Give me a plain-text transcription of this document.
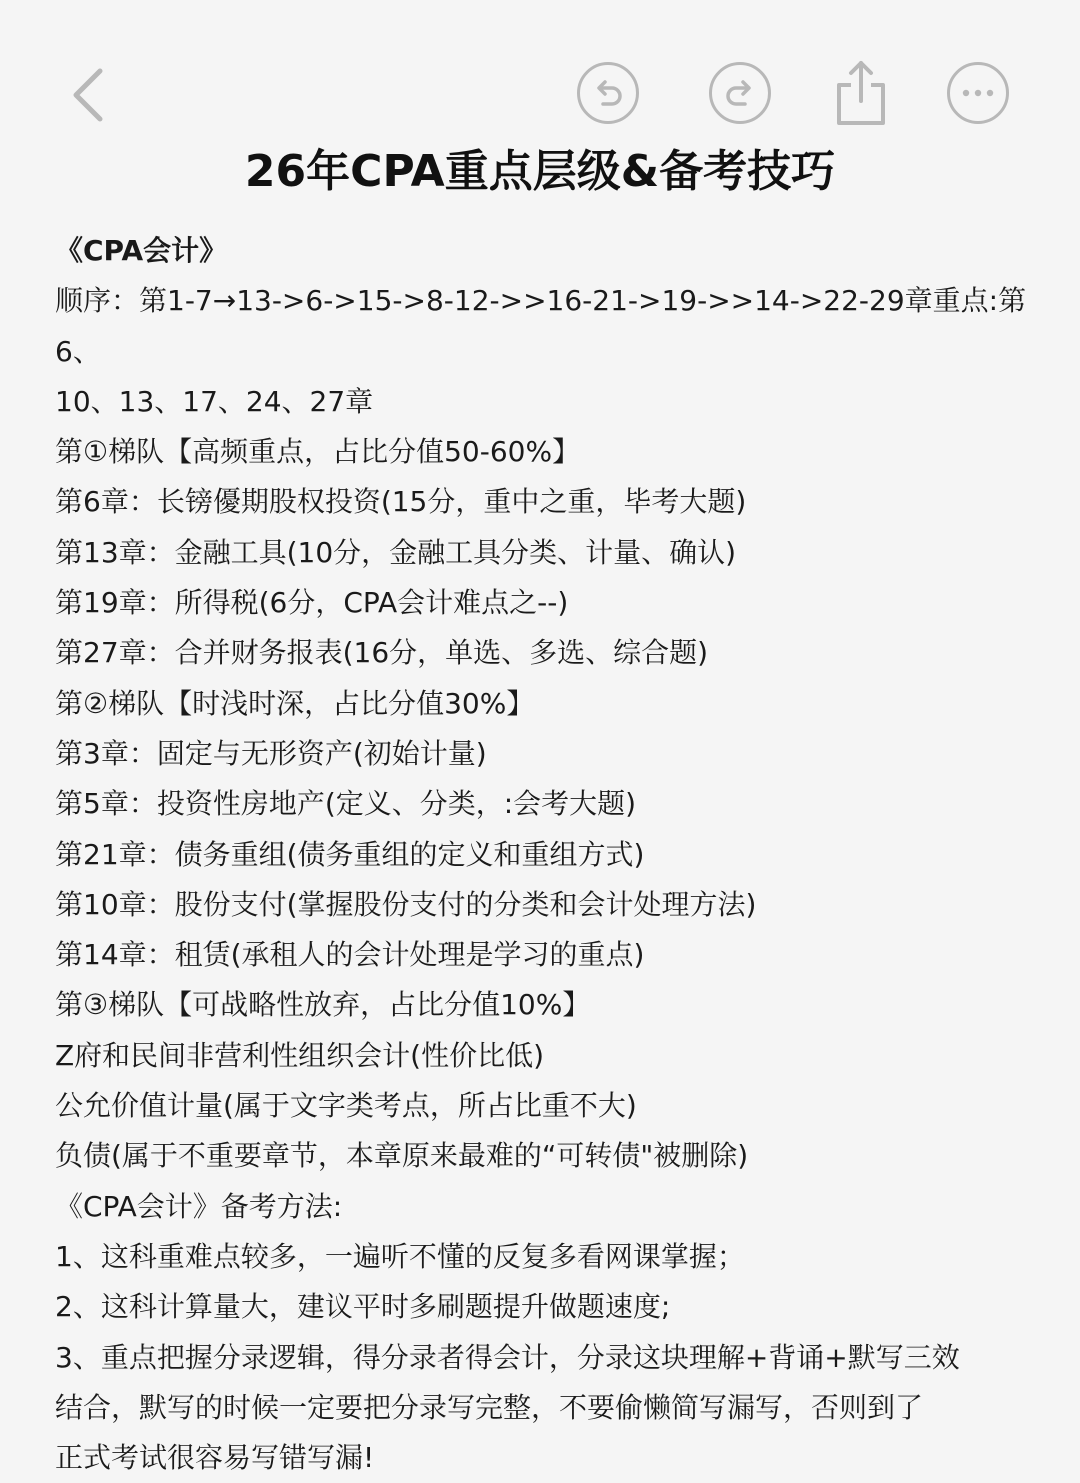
26年CPA重点层级&备考技巧
《CPA会计》
顺序：第1-7→13->6->15->8-12->>16-21->19->>14->22-29章重点:第6、
10、13、17、24、27章
第①梯队【高频重点，占比分值50-60%】
第6章：长镑優期股权投资(15分，重中之重，毕考大题)
第13章：金融工具(10分，金融工具分类、计量、确认)
第19章：所得税(6分，CPA会计难点之--)
第27章：合并财务报表(16分，单选、多选、综合题)
第②梯队【时浅时深，占比分值30%】
第3章：固定与无形资产(初始计量)
第5章：投资性房地产(定义、分类，:会考大题)
第21章：债务重组(债务重组的定义和重组方式)
第10章：股份支付(掌握股份支付的分类和会计处理方法)
第14章：租赁(承租人的会计处理是学习的重点)
第③梯队【可战略性放弃，占比分值10%】
Z府和民间非营利性组织会计(性价比低)
公允价值计量(属于文字类考点，所占比重不大)
负债(属于不重要章节，本章原来最难的“可转债"被删除)
《CPA会计》备考方法:
1、这科重难点较多，一遍听不懂的反复多看网课掌握；
2、这科计算量大，建议平时多刷题提升做题速度;
3、重点把握分录逻辑，得分录者得会计，分录这块理解+背诵+默写三效
结合，默写的时候一定要把分录写完整，不要偷懒简写漏写，否则到了
正式考试很容易写错写漏!
